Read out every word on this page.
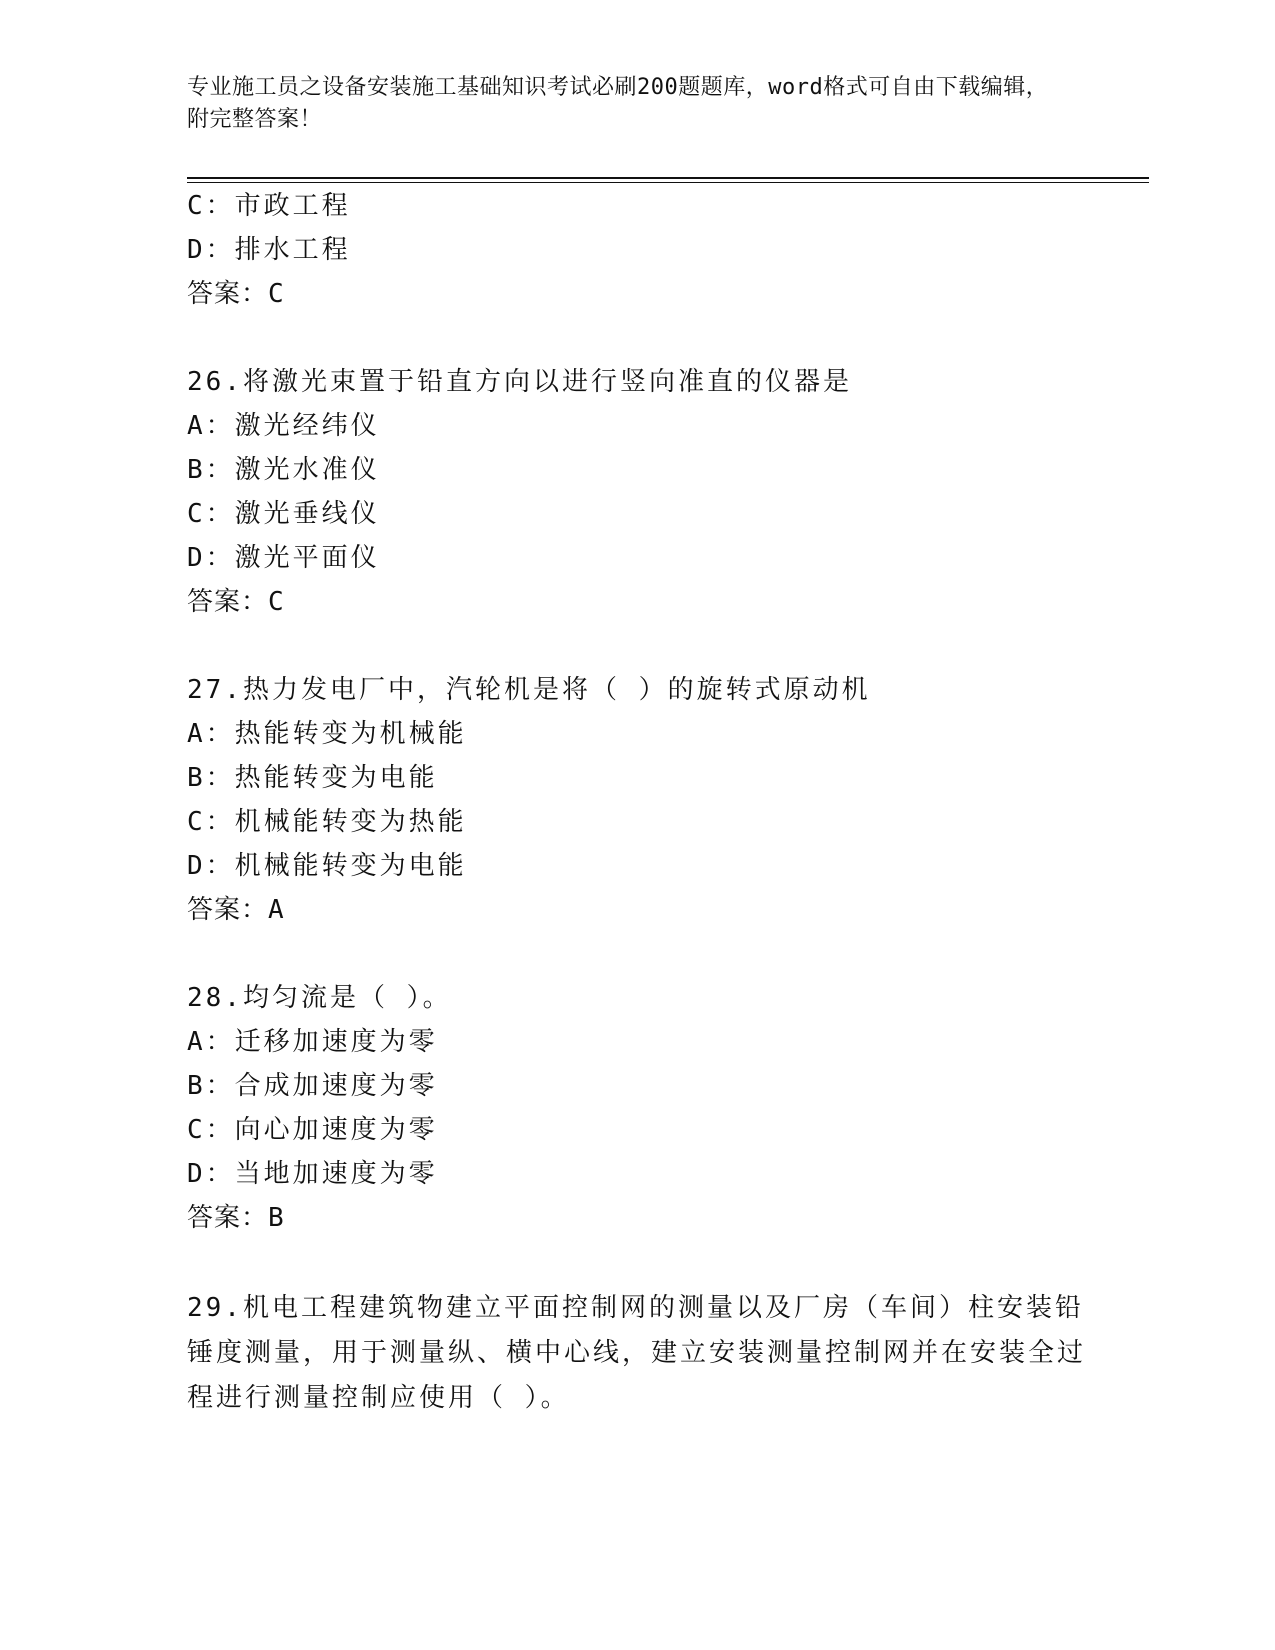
专业施工员之设备安装施工基础知识考试必刷200题题库，word格式可自由下载编辑，附完整答案！
C：市政工程
D：排水工程
答案：C
26.将激光束置于铅直方向以进行竖向准直的仪器是
A：激光经纬仪
B：激光水准仪
C：激光垂线仪
D：激光平面仪
答案：C
27.热力发电厂中，汽轮机是将（ ）的旋转式原动机
A：热能转变为机械能
B：热能转变为电能
C：机械能转变为热能
D：机械能转变为电能
答案：A
28.均匀流是（ ）。
A：迁移加速度为零
B：合成加速度为零
C：向心加速度为零
D：当地加速度为零
答案：B
29.机电工程建筑物建立平面控制网的测量以及厂房（车间）柱安装铅锤度测量，用于测量纵、横中心线，建立安装测量控制网并在安装全过程进行测量控制应使用（ ）。
